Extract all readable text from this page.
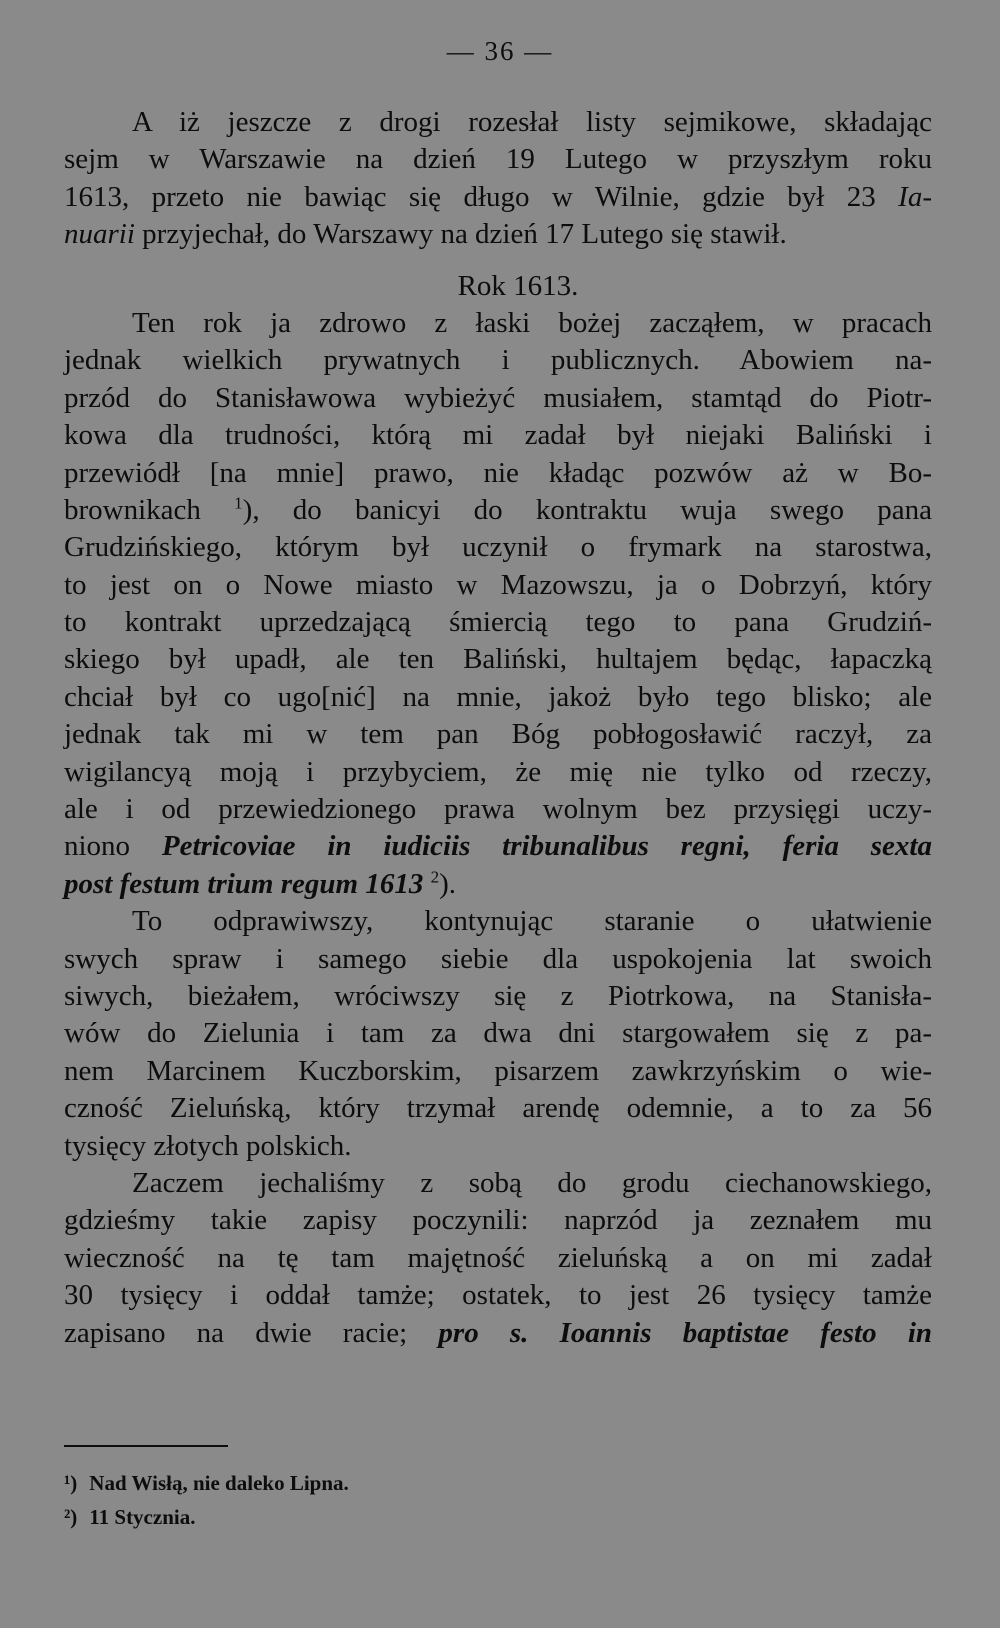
— 36 —
A iż jeszcze z drogi rozesłał listy sejmikowe, składając
sejm w Warszawie na dzień 19 Lutego w przyszłym roku
1613, przeto nie bawiąc się długo w Wilnie, gdzie był 23 Ia-
nuarii przyjechał, do Warszawy na dzień 17 Lutego się stawił.
Rok 1613.
Ten rok ja zdrowo z łaski bożej zacząłem, w pracach
jednak wielkich prywatnych i publicznych. Abowiem na-
przód do Stanisławowa wybieżyć musiałem, stamtąd do Piotr-
kowa dla trudności, którą mi zadał był niejaki Baliński i
przewiódł [na mnie] prawo, nie kładąc pozwów aż w Bo-
brownikach $^1$), do banicyi do kontraktu wuja swego pana
Grudzińskiego, którym był uczynił o frymark na starostwa,
to jest on o Nowe miasto w Mazowszu, ja o Dobrzyń, który
to kontrakt uprzedzającą śmiercią tego to pana Grudziń-
skiego był upadł, ale ten Baliński, hultajem będąc, łapaczką
chciał był co ugo[nić] na mnie, jakoż było tego blisko; ale
jednak tak mi w tem pan Bóg pobłogosławić raczył, za
wigilancyą moją i przybyciem, że mię nie tylko od rzeczy,
ale i od przewiedzionego prawa wolnym bez przysięgi uczy-
niono Petricoviae in iudiciis tribunalibus regni, feria sexta
post festum trium regum 1613 $^2$).
To odprawiwszy, kontynując staranie o ułatwienie
swych spraw i samego siebie dla uspokojenia lat swoich
siwych, bieżałem, wróciwszy się z Piotrkowa, na Stanisła-
wów do Zielunia i tam za dwa dni stargowałem się z pa-
nem Marcinem Kuczborskim, pisarzem zawkrzyńskim o wie-
czność Zieluńską, który trzymał arendę odemnie, a to za 56
tysięcy złotych polskich.
Zaczem jechaliśmy z sobą do grodu ciechanowskiego,
gdzieśmy takie zapisy poczynili: naprzód ja zeznałem mu
wieczność na tę tam majętność zieluńską a on mi zadał
30 tysięcy i oddał tamże; ostatek, to jest 26 tysięcy tamże
zapisano na dwie racie; pro s. Ioannis baptistae festo in
¹) Nad Wisłą, nie daleko Lipna.
²) 11 Stycznia.
